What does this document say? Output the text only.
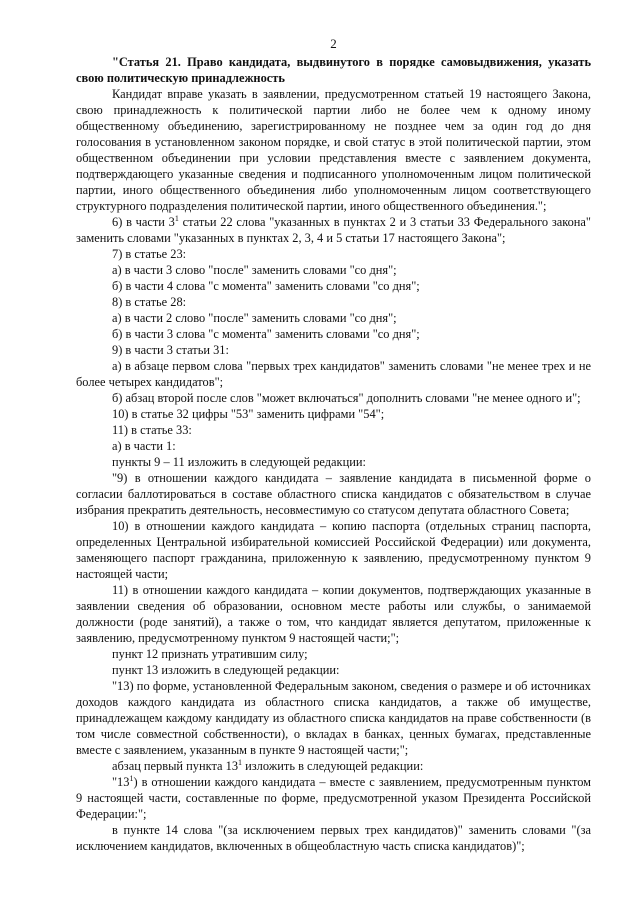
2

"Статья 21. Право кандидата, выдвинутого в порядке самовыдвижения, указать свою политическую принадлежность

Кандидат вправе указать в заявлении, предусмотренном статьей 19 настоящего Закона, свою принадлежность к политической партии либо не более чем к одному иному общественному объединению, зарегистрированному не позднее чем за один год до дня голосования в установленном законом порядке, и свой статус в этой политической партии, этом общественном объединении при условии представления вместе с заявлением документа, подтверждающего указанные сведения и подписанного уполномоченным лицом политической партии, иного общественного объединения либо уполномоченным лицом соответствующего структурного подразделения политической партии, иного общественного объединения.";

6) в части $3^1$ статьи 22 слова "указанных в пунктах 2 и 3 статьи 33 Федерального закона" заменить словами "указанных в пунктах 2, 3, 4 и 5 статьи 17 настоящего Закона";

7) в статье 23:

а) в части 3 слово "после" заменить словами "со дня";

б) в части 4 слова "с момента" заменить словами "со дня";

8) в статье 28:

а) в части 2 слово "после" заменить словами "со дня";

б) в части 3 слова "с момента" заменить словами "со дня";

9) в части 3 статьи 31:

а) в абзаце первом слова "первых трех кандидатов" заменить словами "не менее трех и не более четырех кандидатов";

б) абзац второй после слов "может включаться" дополнить словами "не менее одного и";

10) в статье 32 цифры "53" заменить цифрами "54";

11) в статье 33:

а) в части 1:

пункты 9 – 11 изложить в следующей редакции:

"9) в отношении каждого кандидата – заявление кандидата в письменной форме о согласии баллотироваться в составе областного списка кандидатов с обязательством в случае избрания прекратить деятельность, несовместимую со статусом депутата областного Совета;

10) в отношении каждого кандидата – копию паспорта (отдельных страниц паспорта, определенных Центральной избирательной комиссией Российской Федерации) или документа, заменяющего паспорт гражданина, приложенную к заявлению, предусмотренному пунктом 9 настоящей части;

11) в отношении каждого кандидата – копии документов, подтверждающих указанные в заявлении сведения об образовании, основном месте работы или службы, о занимаемой должности (роде занятий), а также о том, что кандидат является депутатом, приложенные к заявлению, предусмотренному пунктом 9 настоящей части;";

пункт 12 признать утратившим силу;

пункт 13 изложить в следующей редакции:

"13) по форме, установленной Федеральным законом, сведения о размере и об источниках доходов каждого кандидата из областного списка кандидатов, а также об имуществе, принадлежащем каждому кандидату из областного списка кандидатов на праве собственности (в том числе совместной собственности), о вкладах в банках, ценных бумагах, представленные вместе с заявлением, указанным в пункте 9 настоящей части;";

абзац первый пункта $13^1$ изложить в следующей редакции:

"$13^1$) в отношении каждого кандидата – вместе с заявлением, предусмотренным пунктом 9 настоящей части, составленные по форме, предусмотренной указом Президента Российской Федерации:";

в пункте 14 слова "(за исключением первых трех кандидатов)" заменить словами "(за исключением кандидатов, включенных в общеобластную часть списка кандидатов)";
